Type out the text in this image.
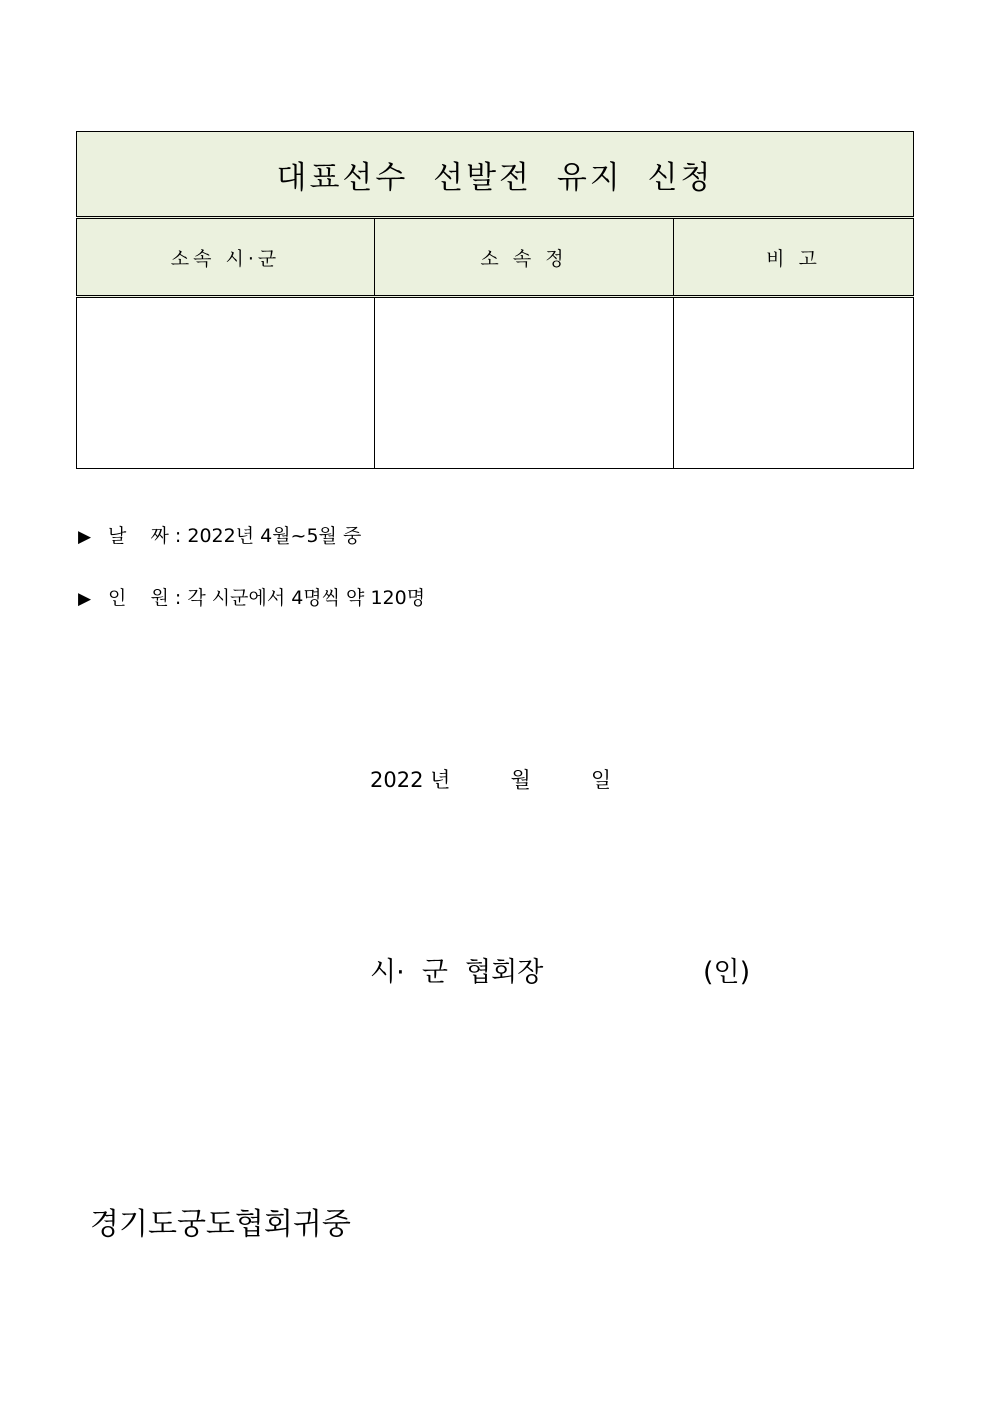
대표선수 선발전 유지 신청		
소속 시·군	소 속 정	비 고

▶ 날    짜 : 2022년 4월~5월 중
▶ 인    원 : 각 시군에서 4명씩 약 120명
2022 년         월         일
시·  군  협회장	(인)
경기도궁도협회귀중
